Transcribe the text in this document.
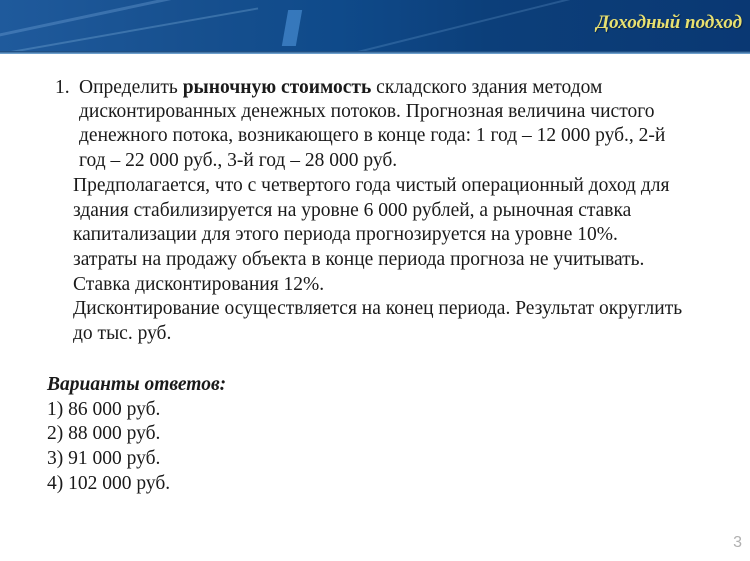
Доходный подход
1. Определить рыночную стоимость складского здания методом
дисконтированных денежных потоков. Прогнозная величина чистого
денежного потока, возникающего в конце года: 1 год – 12 000 руб., 2-й
год – 22 000 руб., 3-й год – 28 000 руб.
Предполагается, что с четвертого года чистый операционный доход для
здания стабилизируется на уровне 6 000 рублей, а рыночная ставка
капитализации для этого периода прогнозируется на уровне 10%.
затраты на продажу объекта в конце периода прогноза не учитывать.
Ставка дисконтирования 12%.
Дисконтирование осуществляется на конец периода. Результат округлить
до тыс. руб.
Варианты ответов:
1) 86 000 руб.
2) 88 000 руб.
3) 91 000 руб.
4) 102 000 руб.
3
